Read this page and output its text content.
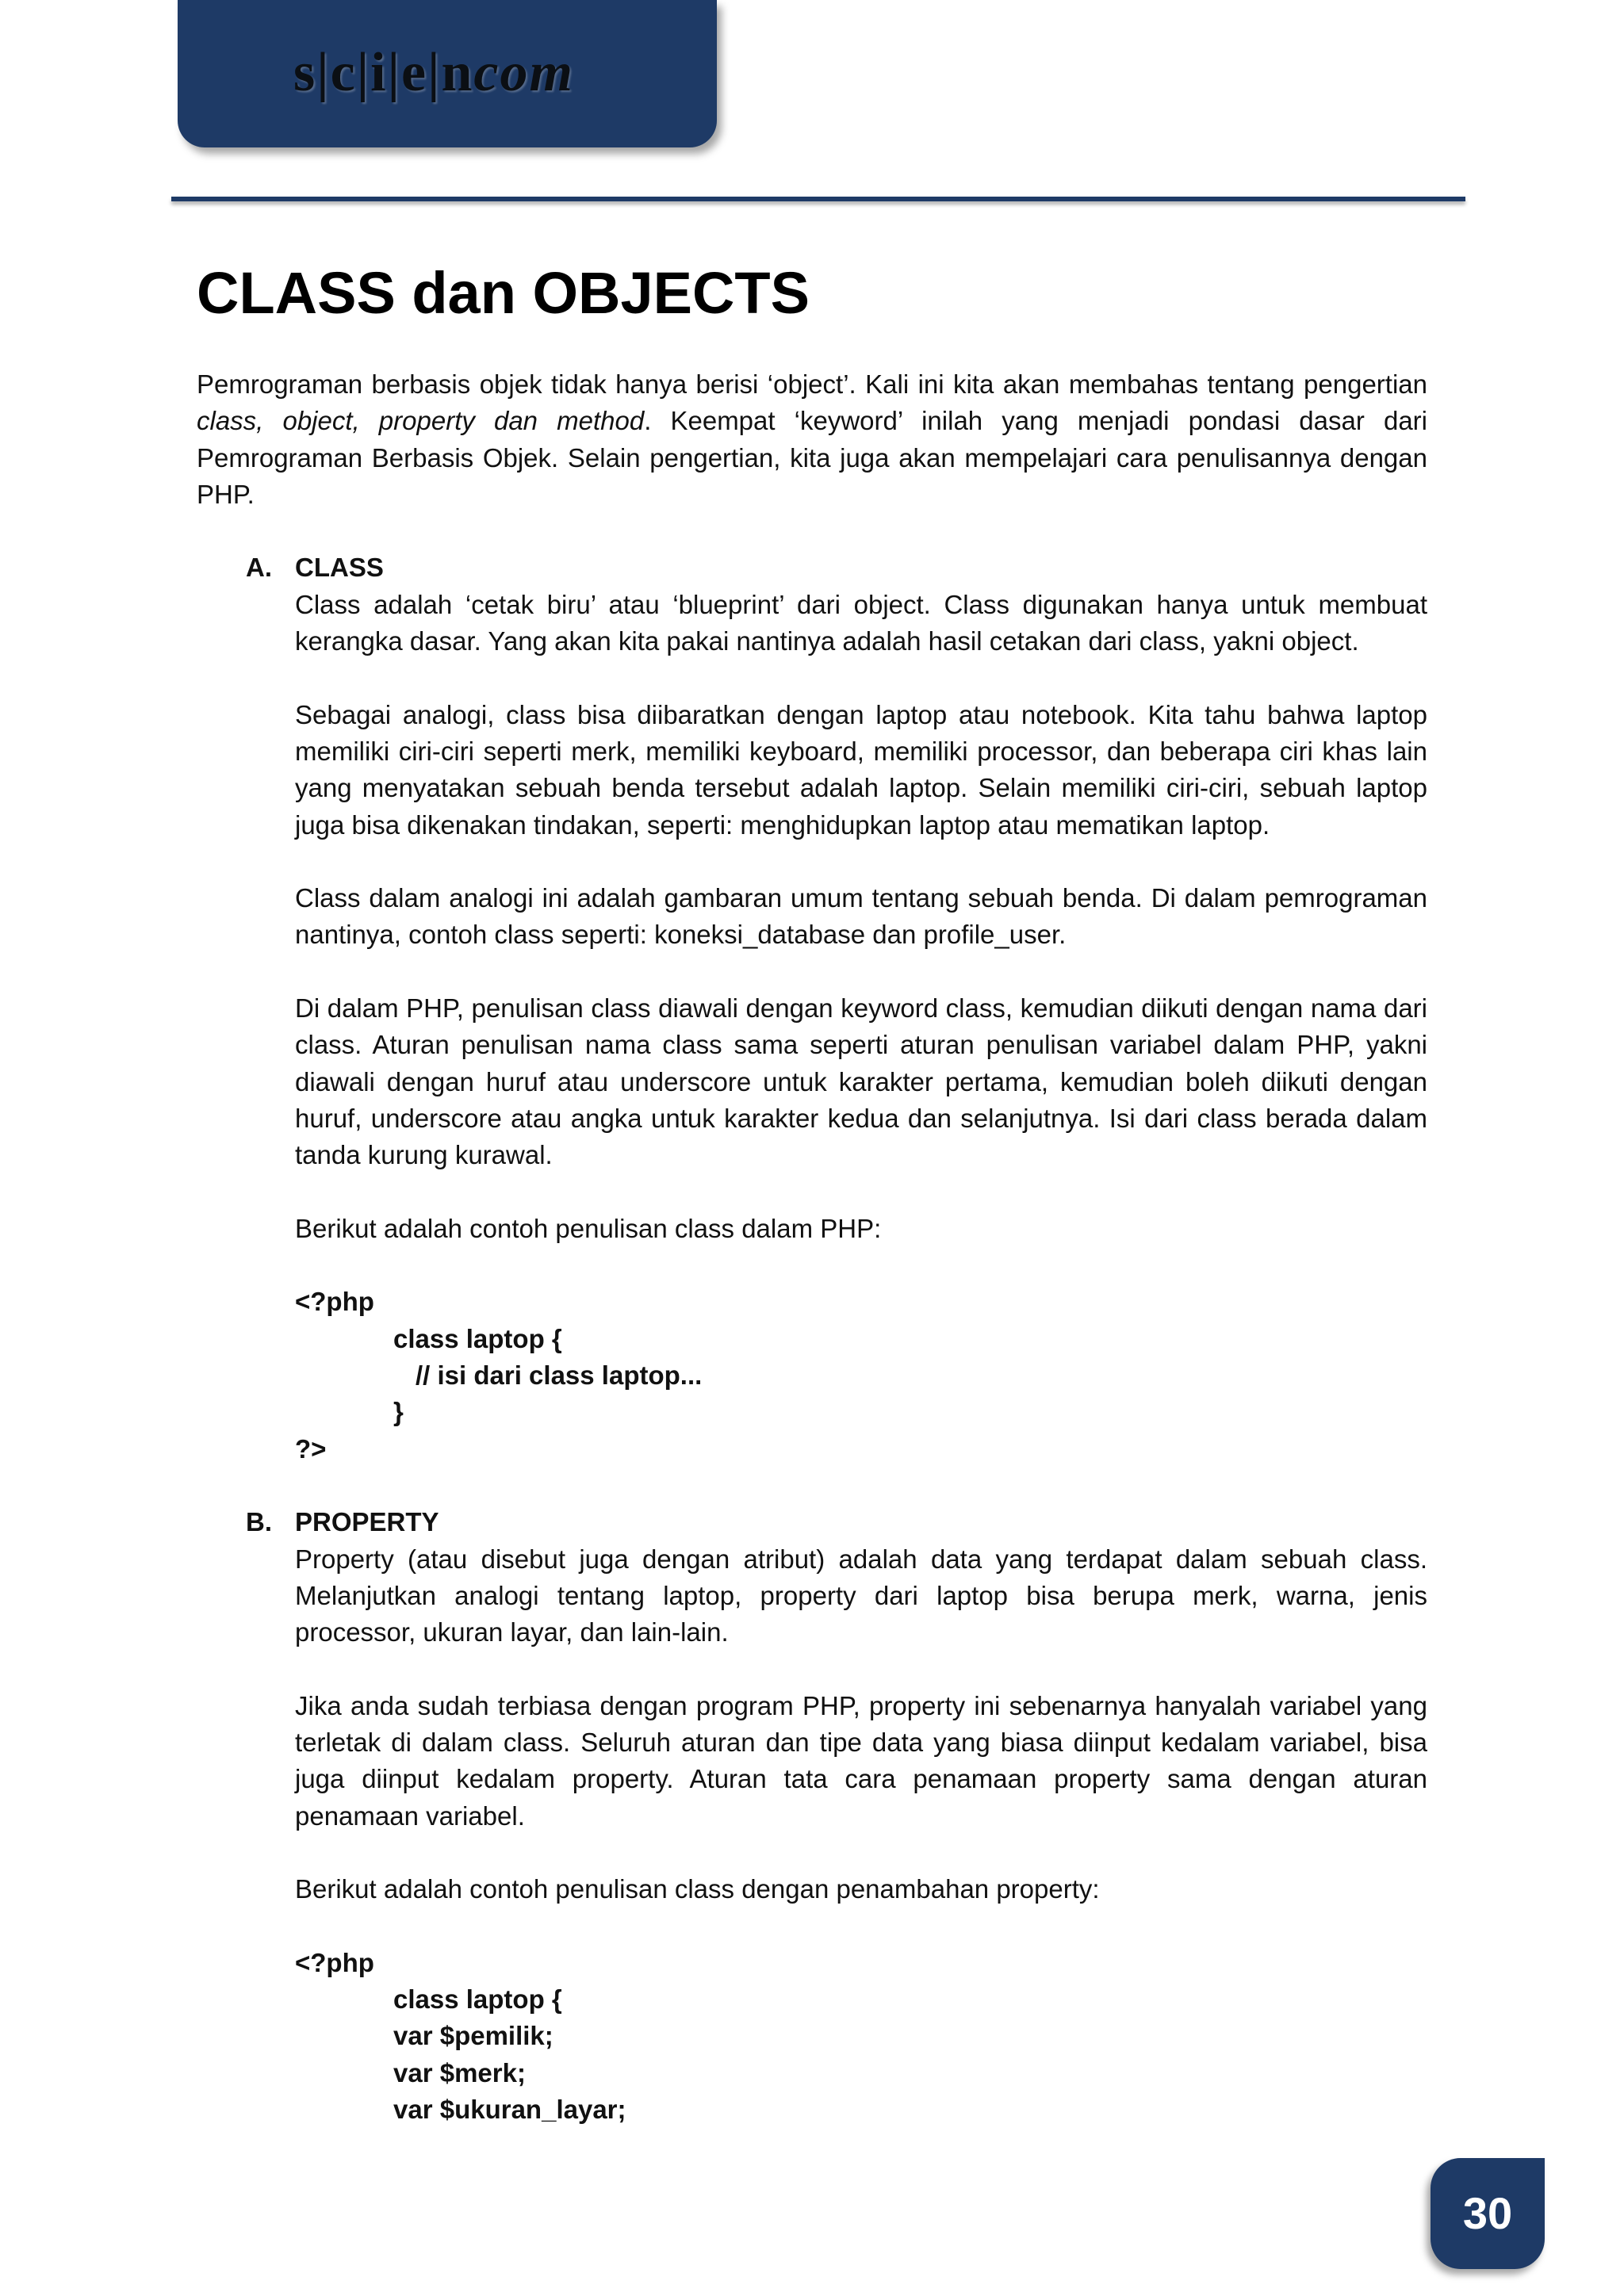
s|c|i|e|ncom
CLASS dan OBJECTS

Pemrograman berbasis objek tidak hanya berisi ‘object’. Kali ini kita akan membahas tentang pengertian class, object, property dan method. Keempat ‘keyword’ inilah yang menjadi pondasi dasar dari Pemrograman Berbasis Objek. Selain pengertian, kita juga akan mempelajari cara penulisannya dengan PHP.

A. CLASS

Class adalah ‘cetak biru’ atau ‘blueprint’ dari object. Class digunakan hanya untuk membuat kerangka dasar. Yang akan kita pakai nantinya adalah hasil cetakan dari class, yakni object.

Sebagai analogi, class bisa diibaratkan dengan laptop atau notebook. Kita tahu bahwa laptop memiliki ciri-ciri seperti merk, memiliki keyboard, memiliki processor, dan beberapa ciri khas lain yang menyatakan sebuah benda tersebut adalah laptop. Selain memiliki ciri-ciri, sebuah laptop juga bisa dikenakan tindakan, seperti: menghidupkan laptop atau mematikan laptop.

Class dalam analogi ini adalah gambaran umum tentang sebuah benda. Di dalam pemrograman nantinya, contoh class seperti: koneksi_database dan profile_user.

Di dalam PHP, penulisan class diawali dengan keyword class, kemudian diikuti dengan nama dari class. Aturan penulisan nama class sama seperti aturan penulisan variabel dalam PHP, yakni diawali dengan huruf atau underscore untuk karakter pertama, kemudian boleh diikuti dengan huruf, underscore atau angka untuk karakter kedua dan selanjutnya. Isi dari class berada dalam tanda kurung kurawal.

Berikut adalah contoh penulisan class dalam PHP:

<?php
class laptop {
// isi dari class laptop...
}
?>
B. PROPERTY

Property (atau disebut juga dengan atribut) adalah data yang terdapat dalam sebuah class. Melanjutkan analogi tentang laptop, property dari laptop bisa berupa merk, warna, jenis processor, ukuran layar, dan lain-lain.

Jika anda sudah terbiasa dengan program PHP, property ini sebenarnya hanyalah variabel yang terletak di dalam class. Seluruh aturan dan tipe data yang biasa diinput kedalam variabel, bisa juga diinput kedalam property. Aturan tata cara penamaan property sama dengan aturan penamaan variabel.

Berikut adalah contoh penulisan class dengan penambahan property:

<?php
class laptop {
var $pemilik;
var $merk;
var $ukuran_layar;
30
